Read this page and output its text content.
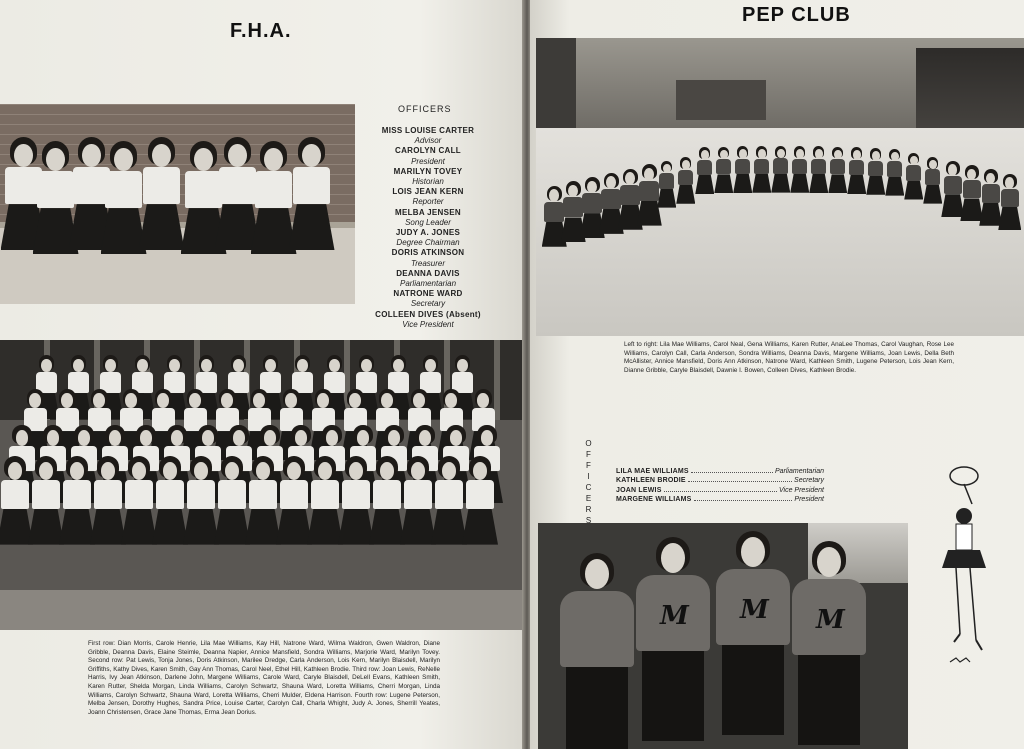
F.H.A.
OFFICERS
MISS LOUISE CARTER
Advisor
CAROLYN CALL
President
MARILYN TOVEY
Historian
LOIS JEAN KERN
Reporter
MELBA JENSEN
Song Leader
JUDY A. JONES
Degree Chairman
DORIS ATKINSON
Treasurer
DEANNA DAVIS
Parliamentarian
NATRONE WARD
Secretary
COLLEEN DIVES (Absent)
Vice President
First row: Dian Morris, Carole Henrie, Lila Mae Williams, Kay Hill, Natrone Ward, Wilma Waldron, Gwen Waldron, Diane Gribble, Deanna Davis, Elaine Steimle, Deanna Napier, Annice Mansfield, Sondra Williams, Marjorie Ward, Marilyn Tovey. Second row: Pat Lewis, Tonja Jones, Doris Atkinson, Marilee Dredge, Carla Anderson, Lois Kern, Marilyn Blaisdell, Marilyn Griffiths, Kathy Dives, Karen Smith, Gay Ann Thomas, Carol Neel, Ethel Hill, Kathleen Brodie. Third row: Joan Lewis, ReNelle Harris, Ivy Jean Atkinson, Darlene John, Margene Williams, Carole Ward, Caryle Blaisdell, DeLell Evans, Kathleen Smith, Karen Rutter, Shelda Morgan, Linda Williams, Carolyn Schwartz, Shauna Ward, Loretta Williams, Cherri Morgan, Linda Williams, Carolyn Schwartz, Shauna Ward, Loretta Williams, Cherri Mulder, Eldena Harrison. Fourth row: Lugene Peterson, Melba Jensen, Dorothy Hughes, Sandra Price, Louise Carter, Carolyn Call, Charla Whight, Judy A. Jones, Sherrill Yeates, Joann Christensen, Grace Jane Thomas, Erma Jean Dorius.
PEP CLUB
Left to right: Lila Mae Williams, Carol Neal, Gena Williams, Karen Rutter, AnaLee Thomas, Carol Vaughan, Rose Lee Williams, Carolyn Call, Carla Anderson, Sondra Williams, Deanna Davis, Margene Williams, Joan Lewis, Della Beth McAllister, Annice Mansfield, Doris Ann Atkinson, Natrone Ward, Kathleen Smith, Lugene Peterson, Lois Jean Kern, Dianne Gribble, Caryle Blaisdell, Dawnie I. Bowen, Colleen Dives, Kathleen Brodie.
M M M
O
F
F
I
C
E
R
S
LILA MAE WILLIAMS	Parliamentarian
KATHLEEN BRODIE	Secretary
JOAN LEWIS	Vice President
MARGENE WILLIAMS	President
